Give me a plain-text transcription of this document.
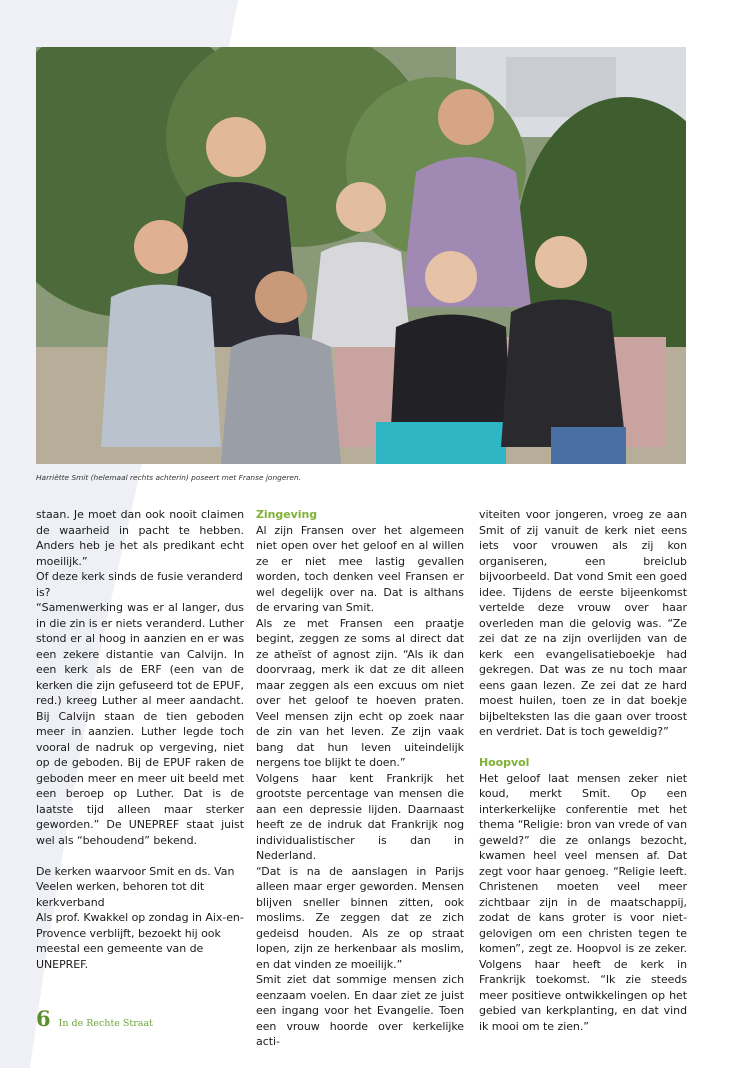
Harriëtte Smit (helemaal rechts achterin) poseert met Franse jongeren.

staan. Je moet dan ook nooit claimen de waarheid in pacht te hebben. Anders heb je het als predikant echt moeilijk.”

Of deze kerk sinds de fusie veranderd is?

“Samenwerking was er al langer, dus in die zin is er niets veranderd. Luther stond er al hoog in aanzien en er was een zekere distantie van Calvijn. In een kerk als de ERF (een van de kerken die zijn gefuseerd tot de EPUF, red.) kreeg Luther al meer aandacht. Bij Calvijn staan de tien geboden meer in aanzien. Luther legde toch vooral de nadruk op vergeving, niet op de geboden. Bij de EPUF raken de geboden meer en meer uit beeld met een beroep op Luther. Dat is de laatste tijd alleen maar sterker geworden.” De UNEPREF staat juist wel als “behoudend” bekend.

De kerken waarvoor Smit en ds. Van Veelen werken, behoren tot dit kerkverband

Als prof. Kwakkel op zondag in Aix-en-Provence verblijft, bezoekt hij ook meestal een gemeente van de UNEPREF.

Zingeving

Al zijn Fransen over het algemeen niet open over het geloof en al willen ze er niet mee lastig gevallen worden, toch denken veel Fransen er wel degelijk over na. Dat is althans de ervaring van Smit.

Als ze met Fransen een praatje begint, zeggen ze soms al direct dat ze atheïst of agnost zijn. “Als ik dan doorvraag, merk ik dat ze dit alleen maar zeggen als een excuus om niet over het geloof te hoeven praten. Veel mensen zijn echt op zoek naar de zin van het leven. Ze zijn vaak bang dat hun leven uiteindelijk nergens toe blijkt te doen.”

Volgens haar kent Frankrijk het grootste percentage van mensen die aan een depressie lijden. Daarnaast heeft ze de indruk dat Frankrijk nog individualistischer is dan in Nederland.

“Dat is na de aanslagen in Parijs alleen maar erger geworden. Mensen blijven sneller binnen zitten, ook moslims. Ze zeggen dat ze zich gedeisd houden. Als ze op straat lopen, zijn ze herkenbaar als moslim, en dat vinden ze moeilijk.”

Smit ziet dat sommige mensen zich eenzaam voelen. En daar ziet ze juist een ingang voor het Evangelie. Toen een vrouw hoorde over kerkelijke acti-

viteiten voor jongeren, vroeg ze aan Smit of zij vanuit de kerk niet eens iets voor vrouwen als zij kon organiseren, een breiclub bijvoorbeeld. Dat vond Smit een goed idee. Tijdens de eerste bijeenkomst vertelde deze vrouw over haar overleden man die gelovig was. “Ze zei dat ze na zijn overlijden van de kerk een evangelisatieboekje had gekregen. Dat was ze nu toch maar eens gaan lezen. Ze zei dat ze hard moest huilen, toen ze in dat boekje bijbelteksten las die gaan over troost en verdriet. Dat is toch geweldig?”

Hoopvol

Het geloof laat mensen zeker niet koud, merkt Smit. Op een interkerkelijke conferentie met het thema “Religie: bron van vrede of van geweld?” die ze onlangs bezocht, kwamen heel veel mensen af. Dat zegt voor haar genoeg. “Religie leeft. Christenen moeten veel meer zichtbaar zijn in de maatschappij, zodat de kans groter is voor niet-gelovigen om een christen tegen te komen”, zegt ze. Hoopvol is ze zeker. Volgens haar heeft de kerk in Frankrijk toekomst. “Ik zie steeds meer positieve ontwikkelingen op het gebied van kerkplanting, en dat vind ik mooi om te zien.”

6 In de Rechte Straat
